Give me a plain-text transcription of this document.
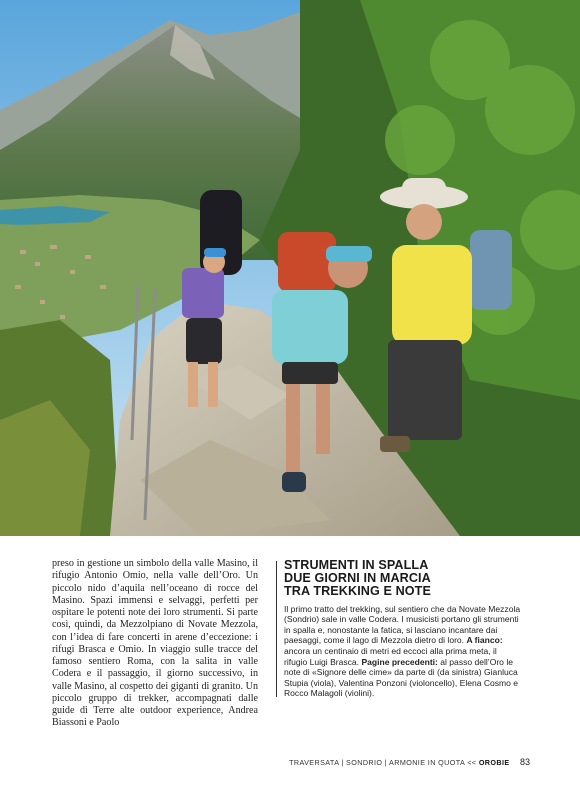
preso in gestione un simbolo della valle Masino, il rifugio Antonio Omio, nella valle dell’Oro. Un piccolo nido d’aquila nell’oceano di rocce del Masino. Spazi immensi e selvaggi, perfetti per ospitare le potenti note dei loro strumenti. Si parte così, quindi, da Mezzolpiano di Novate Mezzola, con l’idea di fare concerti in arene d’eccezione: i rifugi Brasca e Omio. In viaggio sulle tracce del famoso sentiero Roma, con la salita in valle Codera e il passaggio, il giorno successivo, in valle Masino, al cospetto dei giganti di granito. Un piccolo gruppo di trekker, accompagnati dalle guide di Terre alte outdoor experience, Andrea Biassoni e Paolo

STRUMENTI IN SPALLA
DUE GIORNI IN MARCIA
TRA TREKKING E NOTE

Il primo tratto del trekking, sul sentiero che da Novate Mezzola (Sondrio) sale in valle Codera. I musicisti portano gli strumenti in spalla e, nonostante la fatica, si lasciano incantare dai paesaggi, come il lago di Mezzola dietro di loro. A fianco: ancora un centinaio di metri ed eccoci alla prima meta, il rifugio Luigi Brasca. Pagine precedenti: al passo dell’Oro le note di «Signore delle cime» da parte di (da sinistra) Gianluca Stupia (viola), Valentina Ponzoni (violoncello), Elena Cosmo e Rocco Malagoli (violini).

TRAVERSATA | SONDRIO | ARMONIE IN QUOTA << OROBIE 83
